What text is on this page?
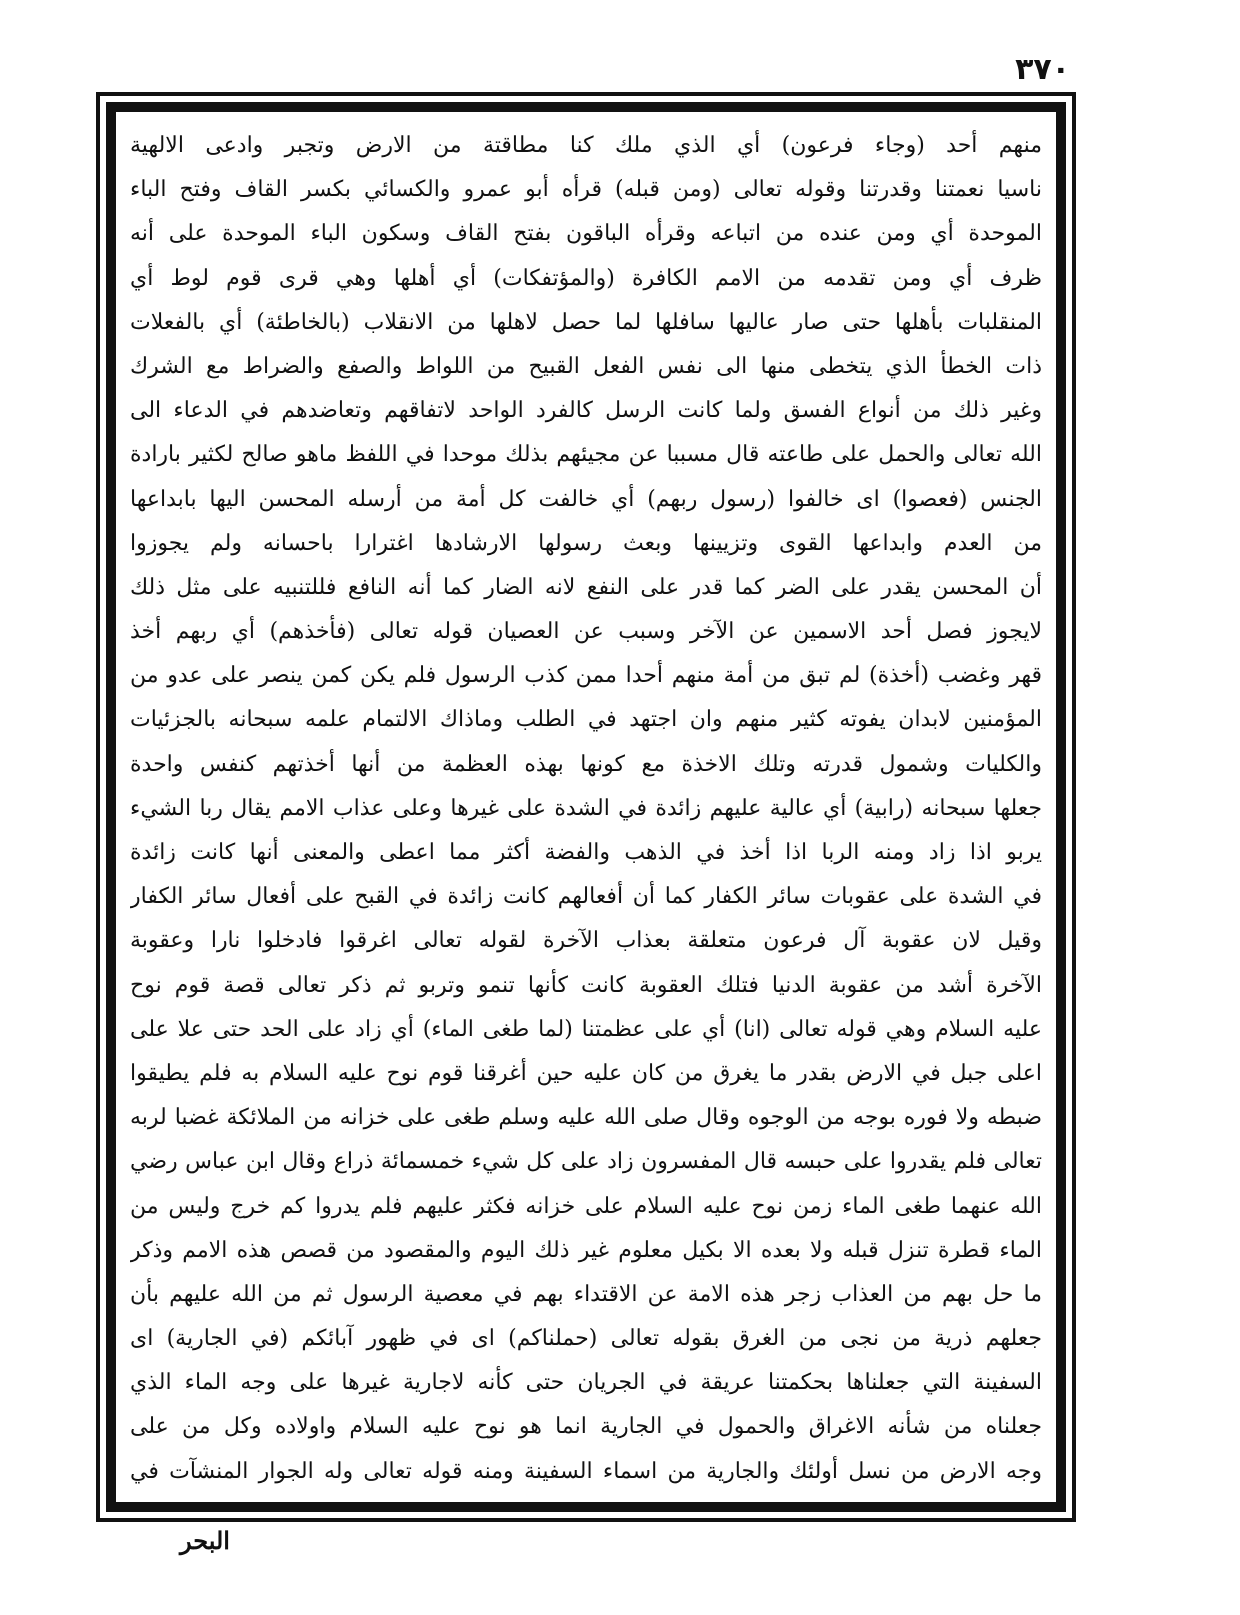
٣٧٠
منهم أحد (وجاء فرعون) أي الذي ملك كنا مطاقتة من الارض وتجبر وادعى الالهية
ناسيا نعمتنا وقدرتنا وقوله تعالى (ومن قبله) قرأه أبو عمرو والكسائي بكسر القاف وفتح الباء
الموحدة أي ومن عنده من اتباعه وقرأه الباقون بفتح القاف وسكون الباء الموحدة على أنه
ظرف أي ومن تقدمه من الامم الكافرة (والمؤتفكات) أي أهلها وهي قرى قوم لوط أي
المنقلبات بأهلها حتى صار عاليها سافلها لما حصل لاهلها من الانقلاب (بالخاطئة) أي بالفعلات
ذات الخطأ الذي يتخطى منها الى نفس الفعل القبيح من اللواط والصفع والضراط مع الشرك
وغير ذلك من أنواع الفسق ولما كانت الرسل كالفرد الواحد لاتفاقهم وتعاضدهم في الدعاء الى
الله تعالى والحمل على طاعته قال مسببا عن مجيئهم بذلك موحدا في اللفظ ماهو صالح لكثير بارادة
الجنس (فعصوا) اى خالفوا (رسول ربهم) أي خالفت كل أمة من أرسله المحسن اليها بابداعها
من العدم وابداعها القوى وتزيينها وبعث رسولها الارشادها اغترارا باحسانه ولم يجوزوا
أن المحسن يقدر على الضر كما قدر على النفع لانه الضار كما أنه النافع فللتنبيه على مثل ذلك
لايجوز فصل أحد الاسمين عن الآخر وسبب عن العصيان قوله تعالى (فأخذهم) أي ربهم أخذ
قهر وغضب (أخذة) لم تبق من أمة منهم أحدا ممن كذب الرسول فلم يكن كمن ينصر على عدو من
المؤمنين لابدان يفوته كثير منهم وان اجتهد في الطلب وماذاك الالتمام علمه سبحانه بالجزئيات
والكليات وشمول قدرته وتلك الاخذة مع كونها بهذه العظمة من أنها أخذتهم كنفس واحدة
جعلها سبحانه (رابية) أي عالية عليهم زائدة في الشدة على غيرها وعلى عذاب الامم يقال ربا الشيء
يربو اذا زاد ومنه الربا اذا أخذ في الذهب والفضة أكثر مما اعطى والمعنى أنها كانت زائدة
في الشدة على عقوبات سائر الكفار كما أن أفعالهم كانت زائدة في القبح على أفعال سائر الكفار
وقيل لان عقوبة آل فرعون متعلقة بعذاب الآخرة لقوله تعالى اغرقوا فادخلوا نارا وعقوبة
الآخرة أشد من عقوبة الدنيا فتلك العقوبة كانت كأنها تنمو وتربو ثم ذكر تعالى قصة قوم نوح
عليه السلام وهي قوله تعالى (انا) أي على عظمتنا (لما طغى الماء) أي زاد على الحد حتى علا على
اعلى جبل في الارض بقدر ما يغرق من كان عليه حين أغرقنا قوم نوح عليه السلام به فلم يطيقوا
ضبطه ولا فوره بوجه من الوجوه وقال صلى الله عليه وسلم طغى على خزانه من الملائكة غضبا لربه
تعالى فلم يقدروا على حبسه قال المفسرون زاد على كل شيء خمسمائة ذراع وقال ابن عباس رضي
الله عنهما طغى الماء زمن نوح عليه السلام على خزانه فكثر عليهم فلم يدروا كم خرج وليس من
الماء قطرة تنزل قبله ولا بعده الا بكيل معلوم غير ذلك اليوم والمقصود من قصص هذه الامم وذكر
ما حل بهم من العذاب زجر هذه الامة عن الاقتداء بهم في معصية الرسول ثم من الله عليهم بأن
جعلهم ذرية من نجى من الغرق بقوله تعالى (حملناكم) اى في ظهور آبائكم (في الجارية) اى
السفينة التي جعلناها بحكمتنا عريقة في الجريان حتى كأنه لاجارية غيرها على وجه الماء الذي
جعلناه من شأنه الاغراق والحمول في الجارية انما هو نوح عليه السلام واولاده وكل من على
وجه الارض من نسل أولئك والجارية من اسماء السفينة ومنه قوله تعالى وله الجوار المنشآت في
البحر
